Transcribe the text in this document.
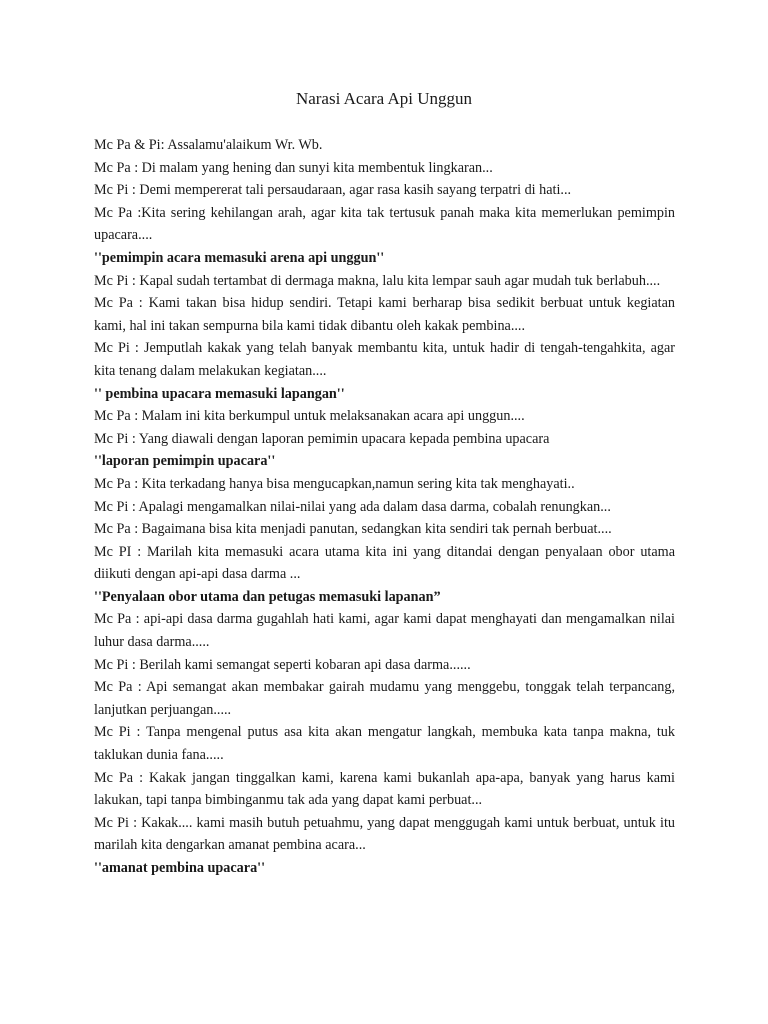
Narasi Acara Api Unggun

Mc Pa & Pi: Assalamu'alaikum Wr. Wb.

Mc Pa : Di malam yang hening dan sunyi kita membentuk lingkaran...

Mc Pi : Demi mempererat tali persaudaraan, agar rasa kasih sayang terpatri di hati...

Mc Pa :Kita sering kehilangan arah, agar kita tak tertusuk panah maka kita memerlukan pemimpin upacara....

''pemimpin acara memasuki arena api unggun''

Mc Pi : Kapal sudah tertambat di dermaga makna, lalu kita lempar sauh agar mudah tuk berlabuh....

Mc Pa : Kami takan bisa hidup sendiri. Tetapi kami berharap bisa sedikit berbuat untuk kegiatan kami, hal ini takan sempurna bila kami tidak dibantu oleh kakak pembina....

Mc Pi : Jemputlah kakak yang telah banyak membantu kita, untuk hadir di tengah-tengahkita, agar kita tenang dalam melakukan kegiatan....

'' pembina upacara memasuki lapangan''

Mc Pa : Malam ini kita berkumpul untuk melaksanakan acara api unggun....

Mc Pi : Yang diawali dengan laporan pemimin upacara kepada pembina upacara

''laporan pemimpin upacara''

Mc Pa : Kita terkadang hanya bisa mengucapkan,namun sering kita tak menghayati..

Mc Pi : Apalagi mengamalkan nilai-nilai yang ada dalam dasa darma, cobalah renungkan...

Mc Pa : Bagaimana bisa kita menjadi panutan, sedangkan kita sendiri tak pernah berbuat....

Mc PI : Marilah kita memasuki acara utama kita ini yang ditandai dengan penyalaan obor utama diikuti dengan api-api dasa darma ...

''Penyalaan obor utama dan petugas memasuki lapanan”

Mc Pa : api-api dasa darma gugahlah hati kami, agar kami dapat menghayati dan mengamalkan nilai luhur dasa darma.....

Mc Pi : Berilah kami semangat seperti kobaran api dasa darma......

Mc Pa : Api semangat akan membakar gairah mudamu yang menggebu, tonggak telah terpancang, lanjutkan perjuangan.....

Mc Pi : Tanpa mengenal putus asa kita akan mengatur langkah, membuka kata tanpa makna, tuk taklukan dunia fana.....

Mc Pa : Kakak jangan tinggalkan kami, karena kami bukanlah apa-apa, banyak yang harus kami lakukan, tapi tanpa bimbinganmu tak ada yang dapat kami perbuat...

Mc Pi : Kakak.... kami masih butuh petuahmu, yang dapat menggugah kami untuk berbuat, untuk itu marilah kita dengarkan amanat pembina acara...

''amanat pembina upacara''
